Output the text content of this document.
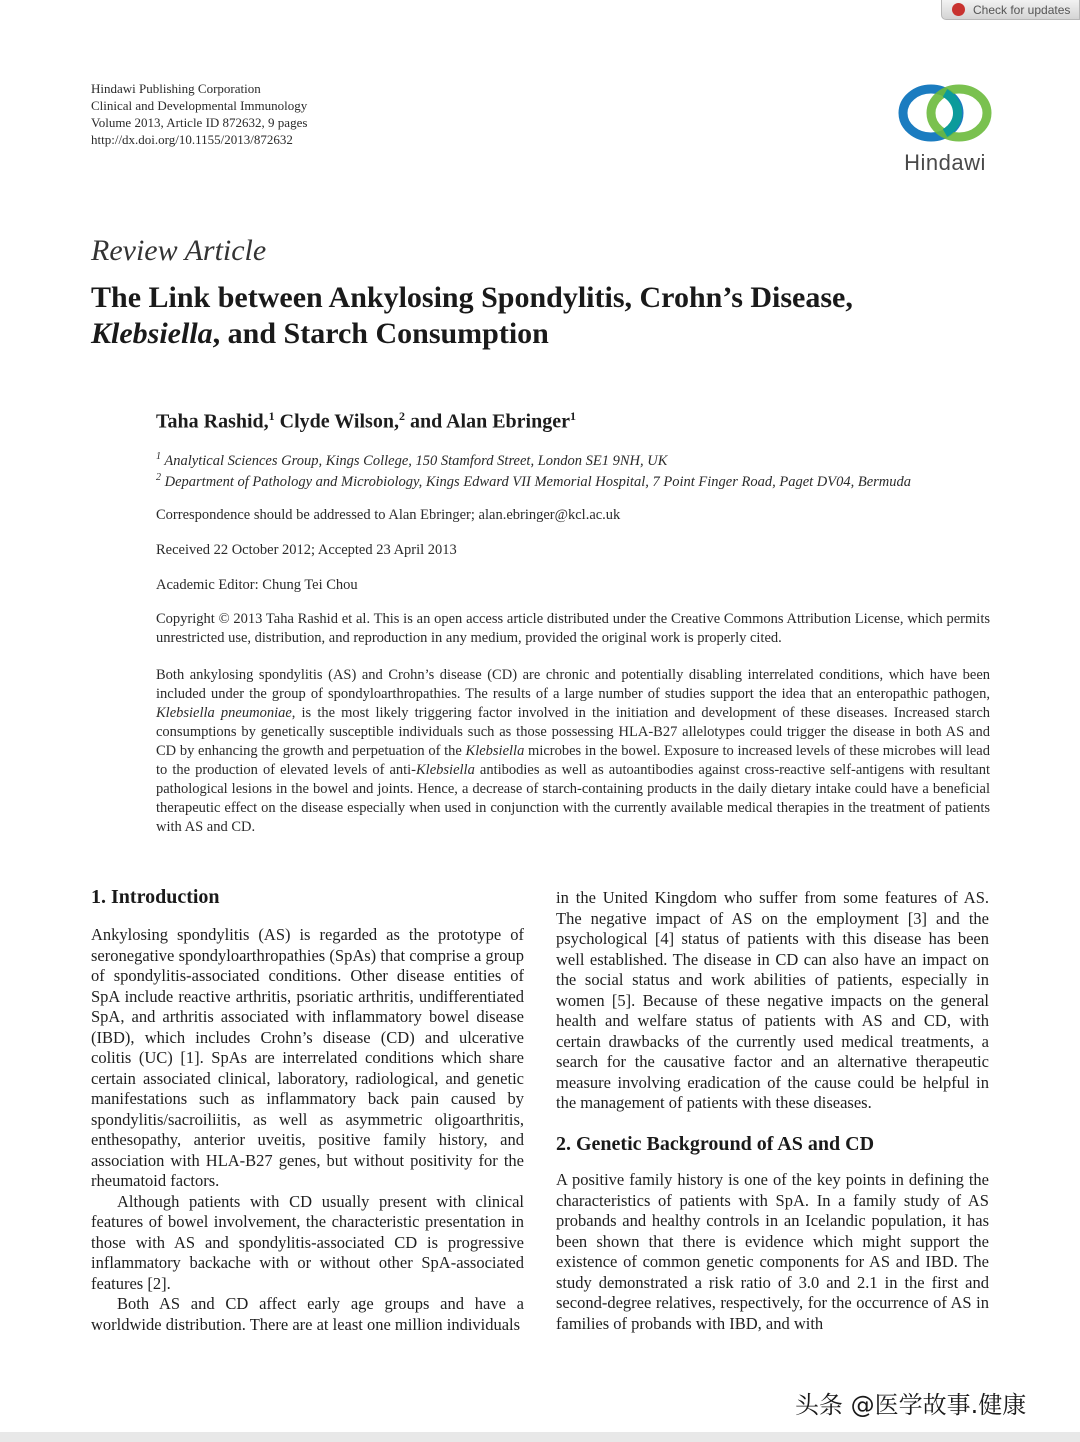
Check for updates
Hindawi Publishing Corporation
Clinical and Developmental Immunology
Volume 2013, Article ID 872632, 9 pages
http://dx.doi.org/10.1155/2013/872632
Hindawi
Review Article
The Link between Ankylosing Spondylitis, Crohn’s Disease,
Klebsiella, and Starch Consumption
Taha Rashid,$^1$ Clyde Wilson,$^2$ and Alan Ebringer$^1$
$^1$ Analytical Sciences Group, Kings College, 150 Stamford Street, London SE1 9NH, UK
$^2$ Department of Pathology and Microbiology, Kings Edward VII Memorial Hospital, 7 Point Finger Road, Paget DV04, Bermuda
Correspondence should be addressed to Alan Ebringer; alan.ebringer@kcl.ac.uk
Received 22 October 2012; Accepted 23 April 2013
Academic Editor: Chung Tei Chou
Copyright © 2013 Taha Rashid et al. This is an open access article distributed under the Creative Commons Attribution License, which permits unrestricted use, distribution, and reproduction in any medium, provided the original work is properly cited.
Both ankylosing spondylitis (AS) and Crohn’s disease (CD) are chronic and potentially disabling interrelated conditions, which have been included under the group of spondyloarthropathies. The results of a large number of studies support the idea that an enteropathic pathogen, Klebsiella pneumoniae, is the most likely triggering factor involved in the initiation and development of these diseases. Increased starch consumptions by genetically susceptible individuals such as those possessing HLA-B27 allelotypes could trigger the disease in both AS and CD by enhancing the growth and perpetuation of the Klebsiella microbes in the bowel. Exposure to increased levels of these microbes will lead to the production of elevated levels of anti-Klebsiella antibodies as well as autoantibodies against cross-reactive self-antigens with resultant pathological lesions in the bowel and joints. Hence, a decrease of starch-containing products in the daily dietary intake could have a beneficial therapeutic effect on the disease especially when used in conjunction with the currently available medical therapies in the treatment of patients with AS and CD.
1. Introduction

Ankylosing spondylitis (AS) is regarded as the prototype of seronegative spondyloarthropathies (SpAs) that comprise a group of spondylitis-associated conditions. Other disease entities of SpA include reactive arthritis, psoriatic arthritis, undifferentiated SpA, and arthritis associated with inflammatory bowel disease (IBD), which includes Crohn’s disease (CD) and ulcerative colitis (UC) [1]. SpAs are interrelated conditions which share certain associated clinical, laboratory, radiological, and genetic manifestations such as inflammatory back pain caused by spondylitis/sacroiliitis, as well as asymmetric oligoarthritis, enthesopathy, anterior uveitis, positive family history, and association with HLA-B27 genes, but without positivity for the rheumatoid factors.

Although patients with CD usually present with clinical features of bowel involvement, the characteristic presentation in those with AS and spondylitis-associated CD is progressive inflammatory backache with or without other SpA-associated features [2].

Both AS and CD affect early age groups and have a worldwide distribution. There are at least one million individuals

in the United Kingdom who suffer from some features of AS. The negative impact of AS on the employment [3] and the psychological [4] status of patients with this disease has been well established. The disease in CD can also have an impact on the social status and work abilities of patients, especially in women [5]. Because of these negative impacts on the general health and welfare status of patients with AS and CD, with certain drawbacks of the currently used medical treatments, a search for the causative factor and an alternative therapeutic measure involving eradication of the cause could be helpful in the management of patients with these diseases.

2. Genetic Background of AS and CD

A positive family history is one of the key points in defining the characteristics of patients with SpA. In a family study of AS probands and healthy controls in an Icelandic population, it has been shown that there is evidence which might support the existence of common genetic components for AS and IBD. The study demonstrated a risk ratio of 3.0 and 2.1 in the first and second-degree relatives, respectively, for the occurrence of AS in families of probands with IBD, and with

头条 @医学故事.健康
